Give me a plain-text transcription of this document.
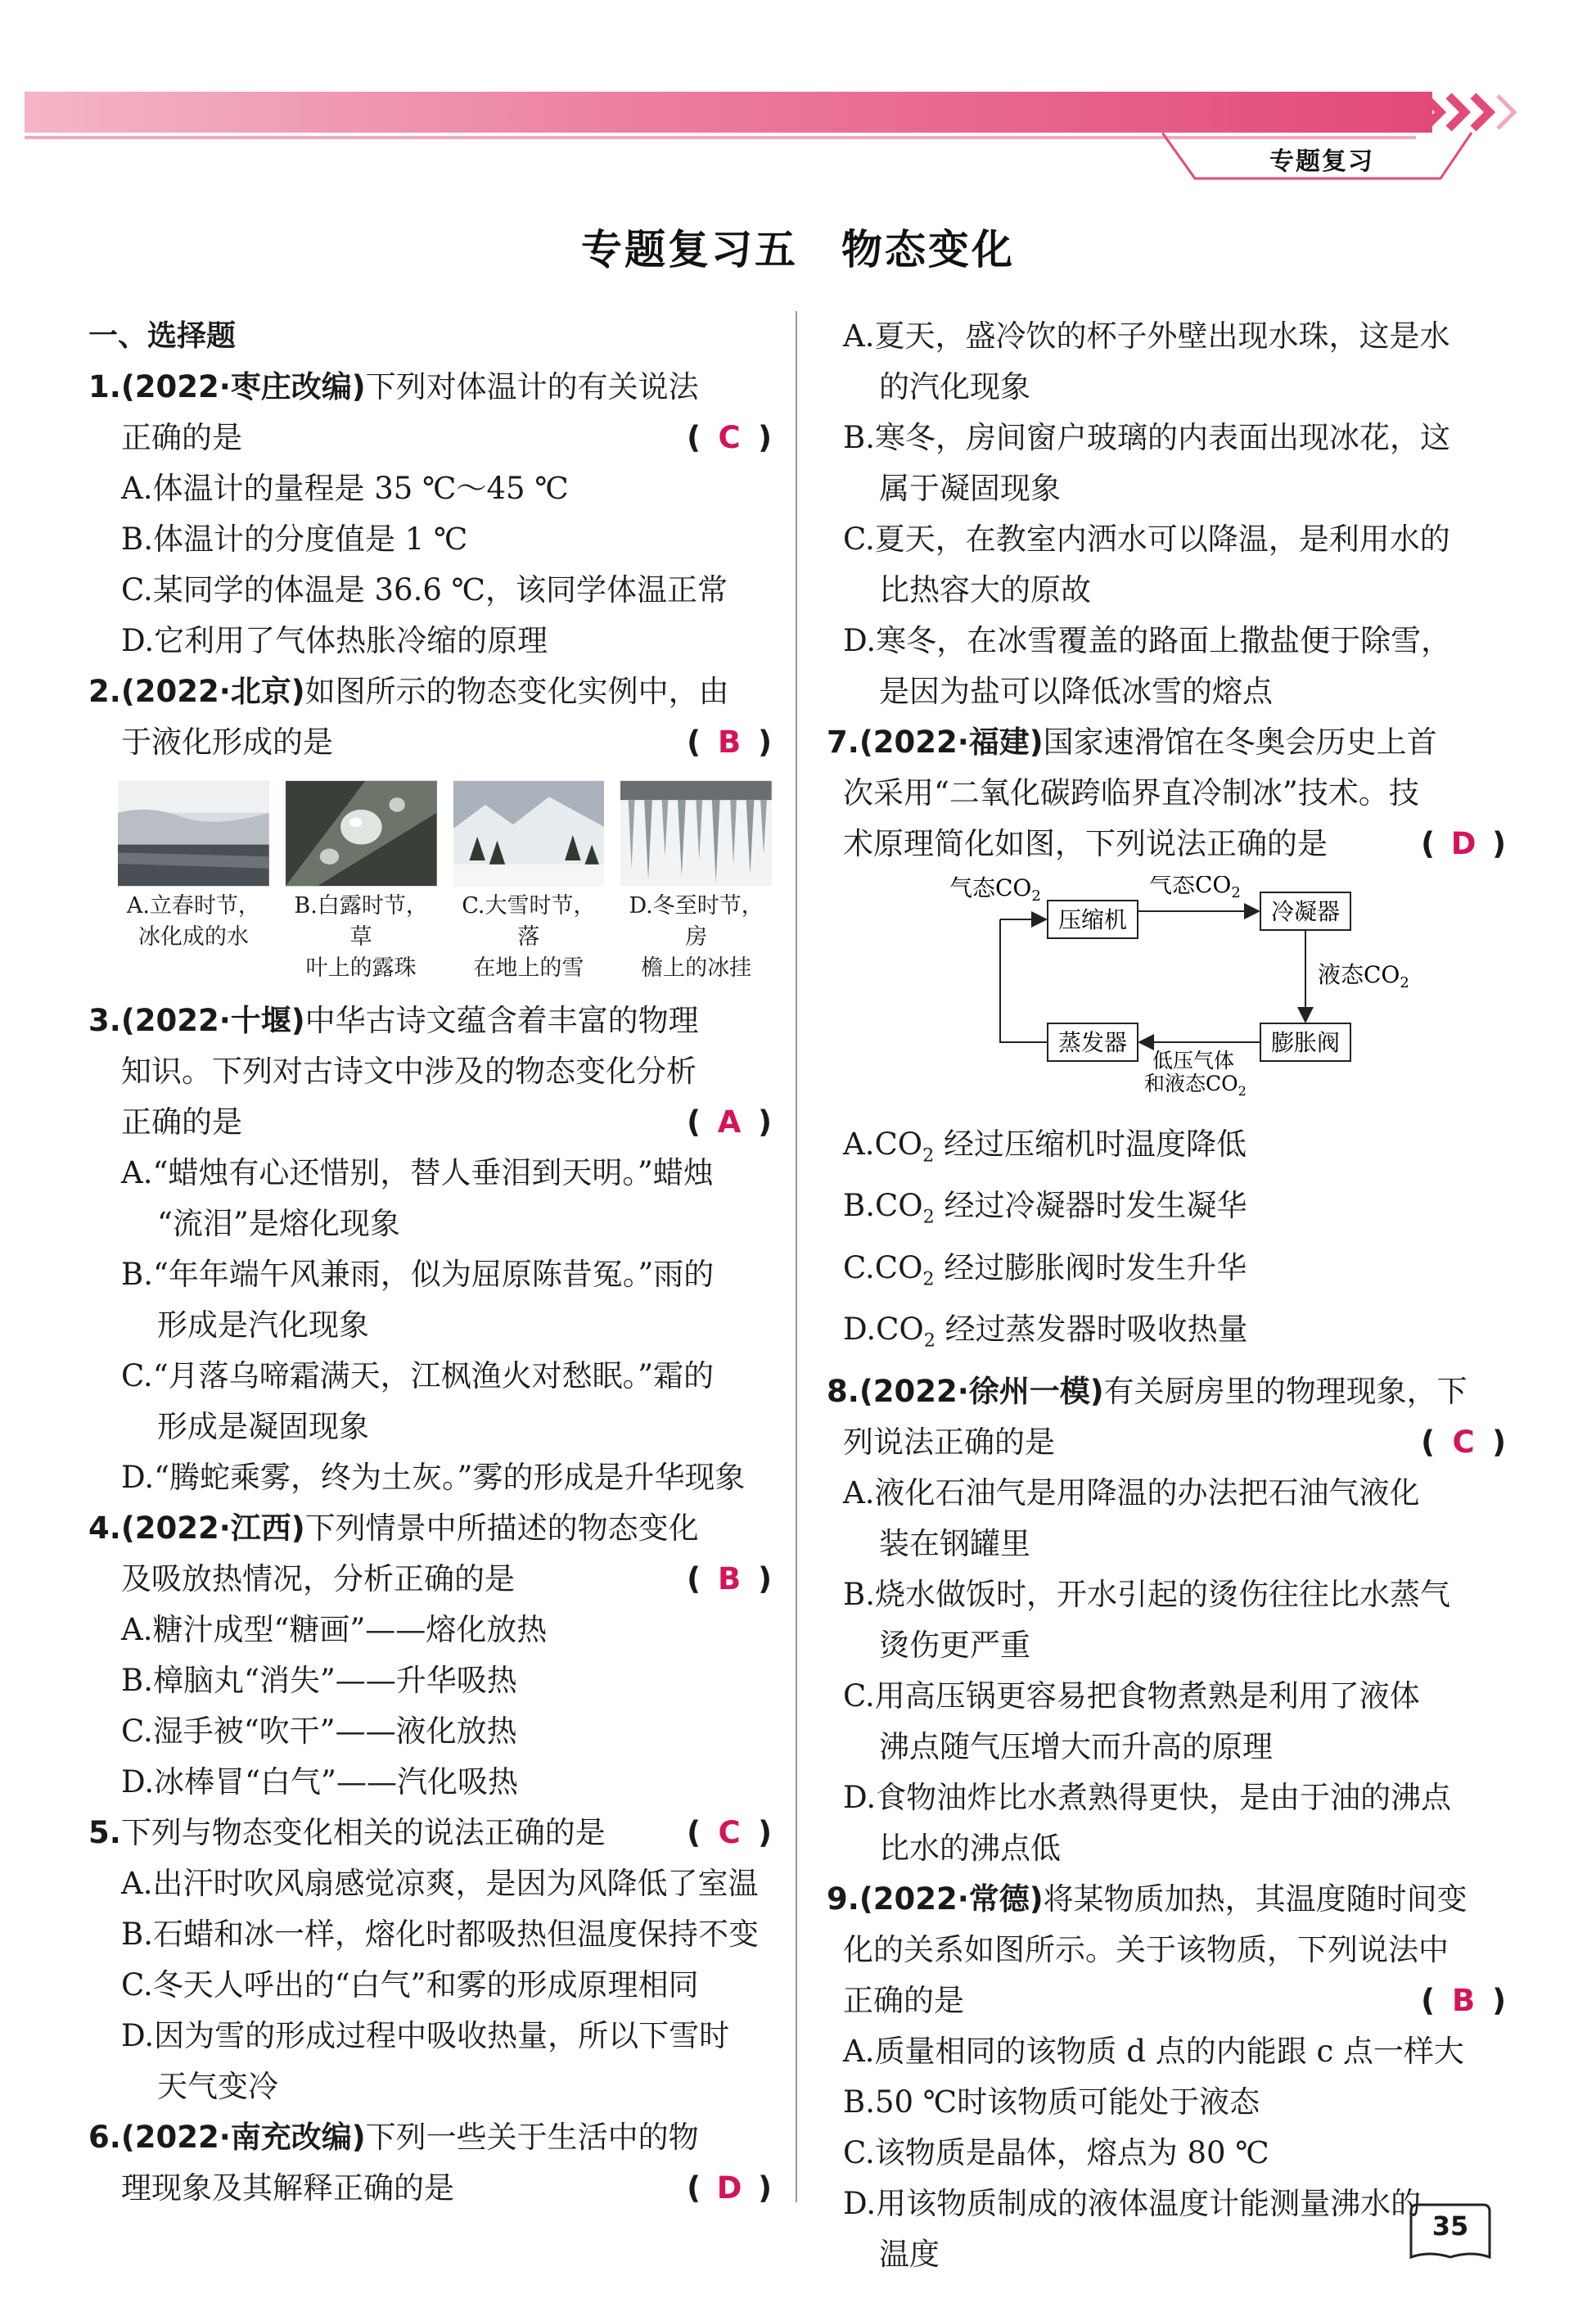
专题复习
专题复习五　物态变化
一、选择题
1.(2022·枣庄改编)下列对体温计的有关说法
正确的是	( C )
A.体温计的量程是 35 ℃～45 ℃
B.体温计的分度值是 1 ℃
C.某同学的体温是 36.6 ℃，该同学体温正常
D.它利用了气体热胀冷缩的原理
2.(2022·北京)如图所示的物态变化实例中，由
于液化形成的是	( B )
A.立春时节，
冰化成的水
B.白露时节，草
叶上的露珠
C.大雪时节，落
在地上的雪
D.冬至时节，房
檐上的冰挂
3.(2022·十堰)中华古诗文蕴含着丰富的物理
知识。下列对古诗文中涉及的物态变化分析
正确的是	( A )
A.“蜡烛有心还惜别，替人垂泪到天明。”蜡烛
“流泪”是熔化现象
B.“年年端午风兼雨，似为屈原陈昔冤。”雨的
形成是汽化现象
C.“月落乌啼霜满天，江枫渔火对愁眠。”霜的
形成是凝固现象
D.“腾蛇乘雾，终为土灰。”雾的形成是升华现象
4.(2022·江西)下列情景中所描述的物态变化
及吸放热情况，分析正确的是	( B )
A.糖汁成型“糖画”——熔化放热
B.樟脑丸“消失”——升华吸热
C.湿手被“吹干”——液化放热
D.冰棒冒“白气”——汽化吸热
5.下列与物态变化相关的说法正确的是	( C )
A.出汗时吹风扇感觉凉爽，是因为风降低了室温
B.石蜡和冰一样，熔化时都吸热但温度保持不变
C.冬天人呼出的“白气”和雾的形成原理相同
D.因为雪的形成过程中吸收热量，所以下雪时
天气变冷
6.(2022·南充改编)下列一些关于生活中的物
理现象及其解释正确的是	( D )
A.夏天，盛冷饮的杯子外壁出现水珠，这是水
的汽化现象
B.寒冬，房间窗户玻璃的内表面出现冰花，这
属于凝固现象
C.夏天，在教室内洒水可以降温，是利用水的
比热容大的原故
D.寒冬，在冰雪覆盖的路面上撒盐便于除雪，
是因为盐可以降低冰雪的熔点
7.(2022·福建)国家速滑馆在冬奥会历史上首
次采用“二氧化碳跨临界直冷制冰”技术。技
术原理简化如图，下列说法正确的是	( D )
气态$CO_2$
压缩机
气态$CO_2$
冷凝器
液态$CO_2$
蒸发器	膨胀阀
低压气体
和液态$CO_2$
$A.CO_2$ 经过压缩机时温度降低
$B.CO_2$ 经过冷凝器时发生凝华
$C.CO_2$ 经过膨胀阀时发生升华
$D.CO_2$ 经过蒸发器时吸收热量
8.(2022·徐州一模)有关厨房里的物理现象，下
列说法正确的是	( C )
A.液化石油气是用降温的办法把石油气液化
装在钢罐里
B.烧水做饭时，开水引起的烫伤往往比水蒸气
烫伤更严重
C.用高压锅更容易把食物煮熟是利用了液体
沸点随气压增大而升高的原理
D.食物油炸比水煮熟得更快，是由于油的沸点
比水的沸点低
9.(2022·常德)将某物质加热，其温度随时间变
化的关系如图所示。关于该物质，下列说法中
正确的是	( B )
A.质量相同的该物质 d 点的内能跟 c 点一样大
B.50 ℃时该物质可能处于液态
C.该物质是晶体，熔点为 80 ℃
D.用该物质制成的液体温度计能测量沸水的
温度
35
